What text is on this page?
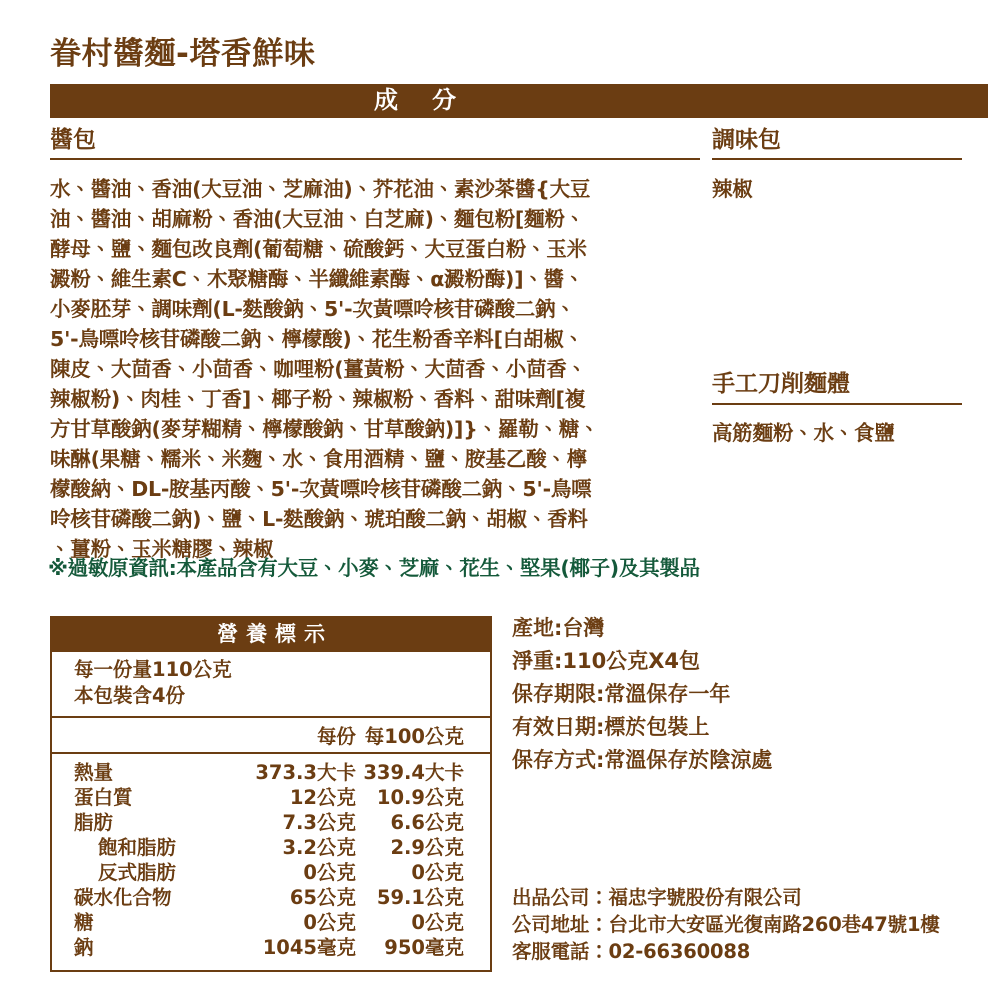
眷村醬麵-塔香鮮味
成分
醬包
水、醬油、香油(大豆油、芝麻油)、芥花油、素沙茶醬{大豆
油、醬油、胡麻粉、香油(大豆油、白芝麻)、麵包粉[麵粉、
酵母、鹽、麵包改良劑(葡萄糖、硫酸鈣、大豆蛋白粉、玉米
澱粉、維生素C、木聚糖酶、半纖維素酶、α澱粉酶)]、醬、
小麥胚芽、調味劑(L-麩酸鈉、5'-次黃嘌呤核苷磷酸二鈉、
5'-鳥嘌呤核苷磷酸二鈉、檸檬酸)、花生粉香辛料[白胡椒、
陳皮、大茴香、小茴香、咖哩粉(薑黃粉、大茴香、小茴香、
辣椒粉)、肉桂、丁香]、椰子粉、辣椒粉、香料、甜味劑[複
方甘草酸鈉(麥芽糊精、檸檬酸鈉、甘草酸鈉)]}、羅勒、糖、
味醂(果糖、糯米、米麴、水、食用酒精、鹽、胺基乙酸、檸
檬酸納、DL-胺基丙酸、5'-次黃嘌呤核苷磷酸二鈉、5'-鳥嘌
呤核苷磷酸二鈉)、鹽、L-麩酸鈉、琥珀酸二鈉、胡椒、香料
、薑粉、玉米糖膠、辣椒
調味包
辣椒
手工刀削麵體
高筋麵粉、水、食鹽
※過敏原資訊:本產品含有大豆、小麥、芝麻、花生、堅果(椰子)及其製品
營養標示
每一份量110公克
本包裝含4份
每份 每100公克
熱量	373.3大卡 339.4大卡
蛋白質	12公克	10.9公克
脂肪	7.3公克	6.6公克
飽和脂肪	3.2公克	2.9公克
反式脂肪	0公克	0公克
碳水化合物	65公克	59.1公克
糖	0公克	0公克
鈉	1045毫克	950毫克
產地:台灣
淨重:110公克X4包
保存期限:常溫保存一年
有效日期:標於包裝上
保存方式:常溫保存於陰涼處
出品公司：福忠字號股份有限公司
公司地址：台北市大安區光復南路260巷47號1樓
客服電話：02-66360088
